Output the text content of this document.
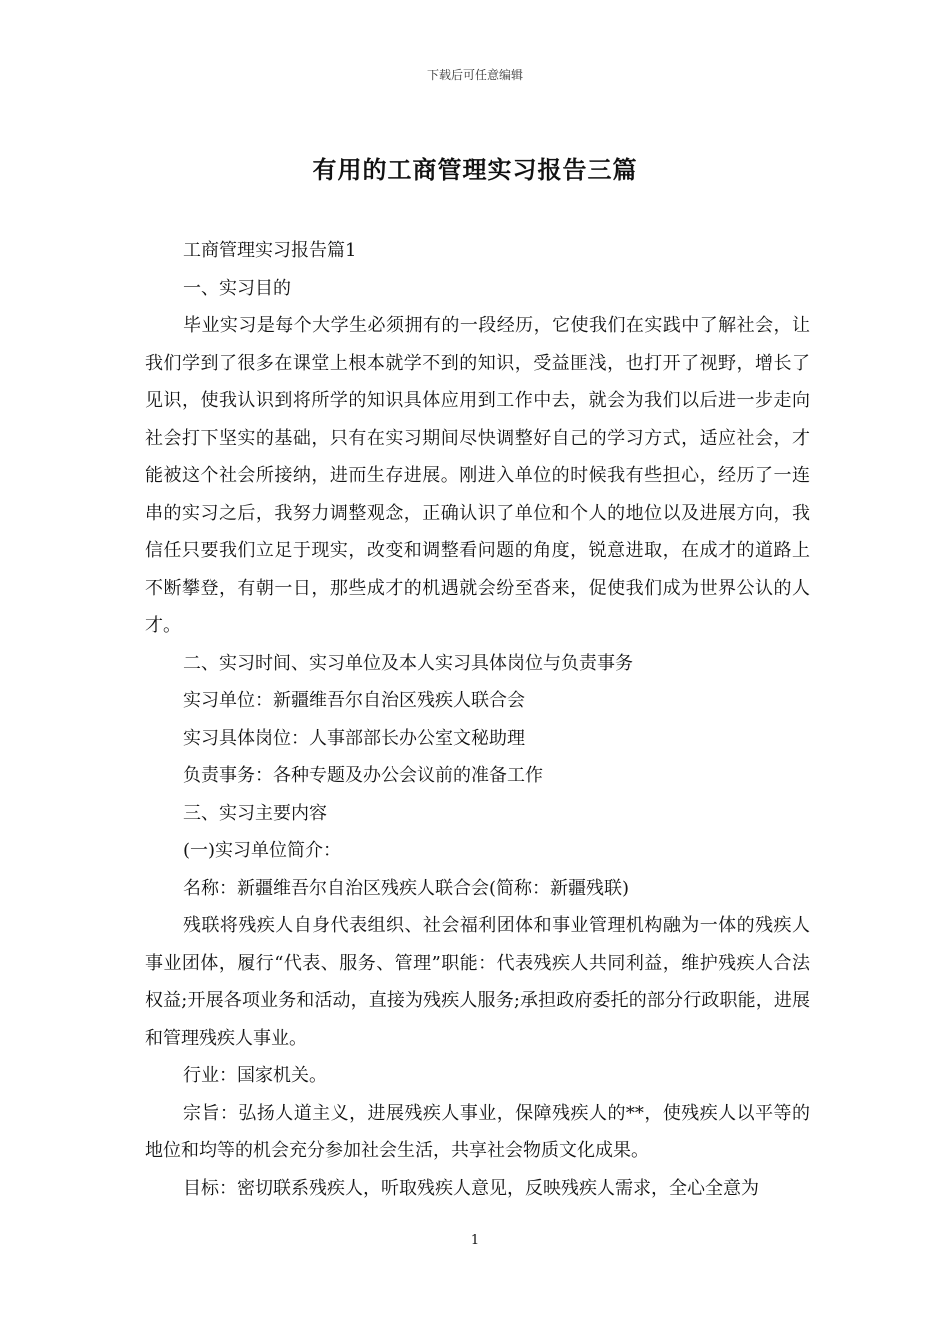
下载后可任意编辑
有用的工商管理实习报告三篇

工商管理实习报告篇1

一、实习目的

毕业实习是每个大学生必须拥有的一段经历，它使我们在实践中了解社会，让我们学到了很多在课堂上根本就学不到的知识，受益匪浅，也打开了视野，增长了见识，使我认识到将所学的知识具体应用到工作中去，就会为我们以后进一步走向社会打下坚实的基础，只有在实习期间尽快调整好自己的学习方式，适应社会，才能被这个社会所接纳，进而生存进展。刚进入单位的时候我有些担心，经历了一连串的实习之后，我努力调整观念，正确认识了单位和个人的地位以及进展方向，我信任只要我们立足于现实，改变和调整看问题的角度，锐意进取，在成才的道路上不断攀登，有朝一日，那些成才的机遇就会纷至沓来，促使我们成为世界公认的人才。

二、实习时间、实习单位及本人实习具体岗位与负责事务

实习单位：新疆维吾尔自治区残疾人联合会

实习具体岗位：人事部部长办公室文秘助理

负责事务：各种专题及办公会议前的准备工作

三、实习主要内容

(一)实习单位简介：

名称：新疆维吾尔自治区残疾人联合会(简称：新疆残联)

残联将残疾人自身代表组织、社会福利团体和事业管理机构融为一体的残疾人事业团体，履行“代表、服务、管理”职能：代表残疾人共同利益，维护残疾人合法权益;开展各项业务和活动，直接为残疾人服务;承担政府委托的部分行政职能，进展和管理残疾人事业。

行业：国家机关。

宗旨：弘扬人道主义，进展残疾人事业，保障残疾人的**，使残疾人以平等的地位和均等的机会充分参加社会生活，共享社会物质文化成果。

目标：密切联系残疾人，听取残疾人意见，反映残疾人需求，全心全意为

1
